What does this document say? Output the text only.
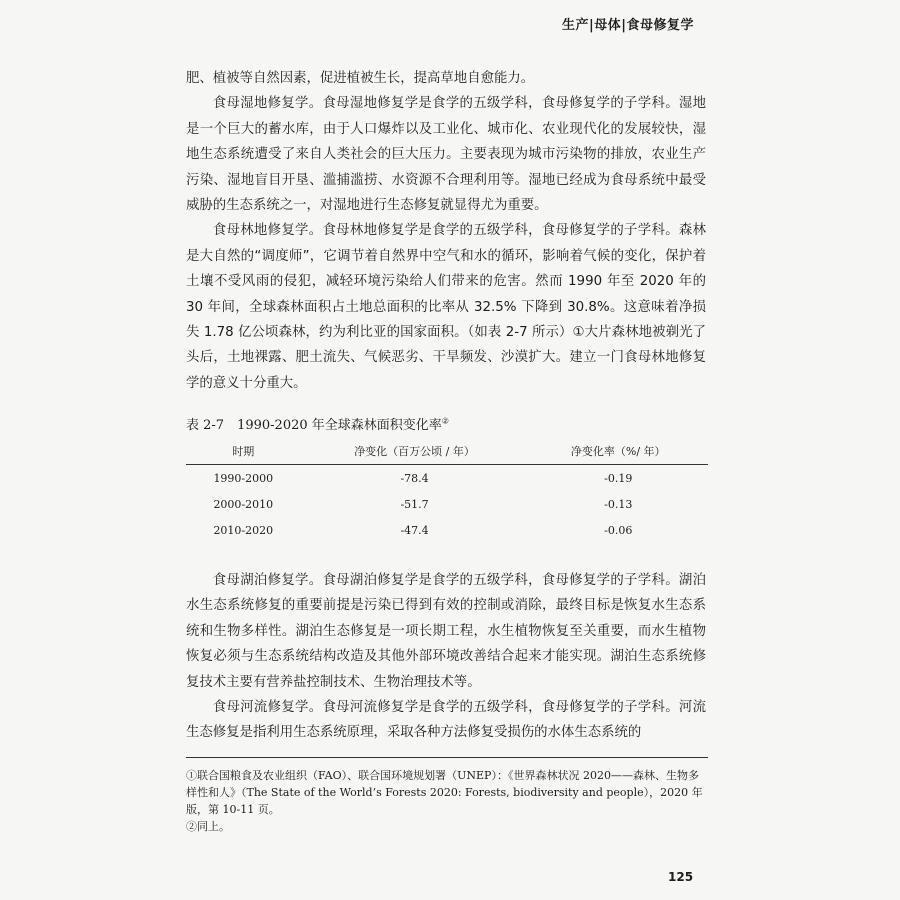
生产|母体|食母修复学

肥、植被等自然因素，促进植被生长，提高草地自愈能力。

食母湿地修复学。食母湿地修复学是食学的五级学科，食母修复学的子学科。湿地是一个巨大的蓄水库，由于人口爆炸以及工业化、城市化、农业现代化的发展较快，湿地生态系统遭受了来自人类社会的巨大压力。主要表现为城市污染物的排放，农业生产污染、湿地盲目开垦、滥捕滥捞、水资源不合理利用等。湿地已经成为食母系统中最受威胁的生态系统之一，对湿地进行生态修复就显得尤为重要。

食母林地修复学。食母林地修复学是食学的五级学科，食母修复学的子学科。森林是大自然的“调度师”，它调节着自然界中空气和水的循环，影响着气候的变化，保护着土壤不受风雨的侵犯，减轻环境污染给人们带来的危害。然而 1990 年至 2020 年的 30 年间，全球森林面积占土地总面积的比率从 32.5% 下降到 30.8%。这意味着净损失 1.78 亿公顷森林，约为利比亚的国家面积。（如表 2-7 所示）①大片森林地被剃光了头后，土地裸露、肥土流失、气候恶劣、干旱频发、沙漠扩大。建立一门食母林地修复学的意义十分重大。

表 2-7　1990-2020 年全球森林面积变化率②
时期	净变化（百万公顷 / 年）	净变化率（%/ 年）
1990-2000	-78.4	-0.19
2000-2010	-51.7	-0.13
2010-2020	-47.4	-0.06

食母湖泊修复学。食母湖泊修复学是食学的五级学科，食母修复学的子学科。湖泊水生态系统修复的重要前提是污染已得到有效的控制或消除，最终目标是恢复水生态系统和生物多样性。湖泊生态修复是一项长期工程，水生植物恢复至关重要，而水生植物恢复必须与生态系统结构改造及其他外部环境改善结合起来才能实现。湖泊生态系统修复技术主要有营养盐控制技术、生物治理技术等。

食母河流修复学。食母河流修复学是食学的五级学科，食母修复学的子学科。河流生态修复是指利用生态系统原理，采取各种方法修复受损伤的水体生态系统的

①联合国粮食及农业组织（FAO）、联合国环境规划署（UNEP）：《世界森林状况 2020——森林、生物多样性和人》（The State of the World’s Forests 2020: Forests, biodiversity and people），2020 年版，第 10-11 页。

②同上。

125
